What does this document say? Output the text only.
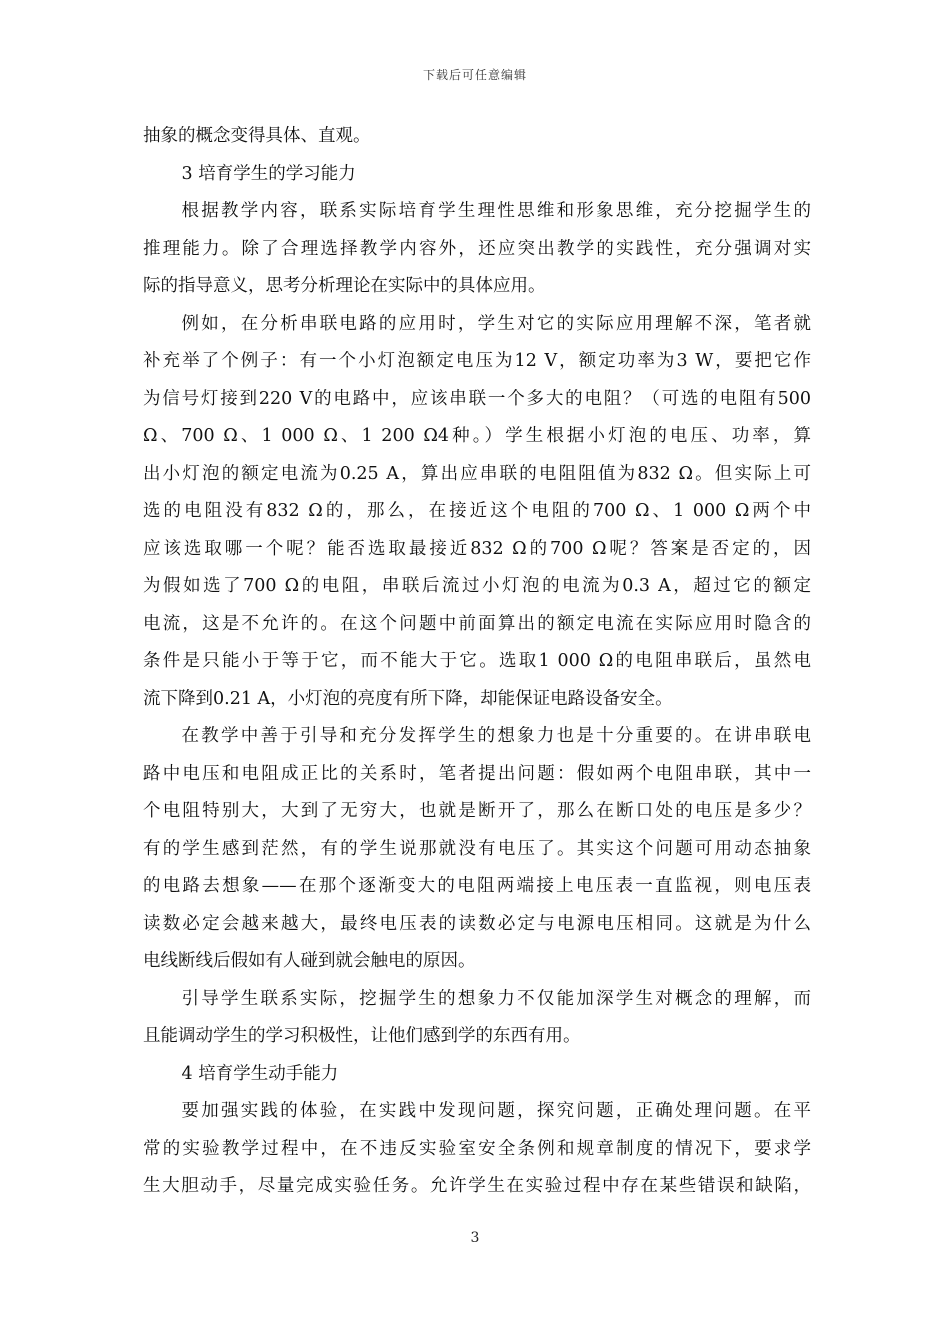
下载后可任意编辑
抽象的概念变得具体、直观。
3 培育学生的学习能力
根据教学内容，联系实际培育学生理性思维和形象思维，充分挖掘学生的
推理能力。除了合理选择教学内容外，还应突出教学的实践性，充分强调对实
际的指导意义，思考分析理论在实际中的具体应用。
例如，在分析串联电路的应用时，学生对它的实际应用理解不深，笔者就
补充举了个例子：有一个小灯泡额定电压为12 V，额定功率为3 W，要把它作
为信号灯接到220 V的电路中，应该串联一个多大的电阻？（可选的电阻有500
Ω、700 Ω、1 000 Ω、1 200 Ω4种。）学生根据小灯泡的电压、功率，算
出小灯泡的额定电流为0.25 A，算出应串联的电阻阻值为832 Ω。但实际上可
选的电阻没有832 Ω的，那么，在接近这个电阻的700 Ω、1 000 Ω两个中
应该选取哪一个呢？能否选取最接近832 Ω的700 Ω呢？答案是否定的，因
为假如选了700 Ω的电阻，串联后流过小灯泡的电流为0.3 A，超过它的额定
电流，这是不允许的。在这个问题中前面算出的额定电流在实际应用时隐含的
条件是只能小于等于它，而不能大于它。选取1 000 Ω的电阻串联后，虽然电
流下降到0.21 A，小灯泡的亮度有所下降，却能保证电路设备安全。
在教学中善于引导和充分发挥学生的想象力也是十分重要的。在讲串联电
路中电压和电阻成正比的关系时，笔者提出问题：假如两个电阻串联，其中一
个电阻特别大，大到了无穷大，也就是断开了，那么在断口处的电压是多少？
有的学生感到茫然，有的学生说那就没有电压了。其实这个问题可用动态抽象
的电路去想象——在那个逐渐变大的电阻两端接上电压表一直监视，则电压表
读数必定会越来越大，最终电压表的读数必定与电源电压相同。这就是为什么
电线断线后假如有人碰到就会触电的原因。
引导学生联系实际，挖掘学生的想象力不仅能加深学生对概念的理解，而
且能调动学生的学习积极性，让他们感到学的东西有用。
4 培育学生动手能力
要加强实践的体验，在实践中发现问题，探究问题，正确处理问题。在平
常的实验教学过程中，在不违反实验室安全条例和规章制度的情况下，要求学
生大胆动手，尽量完成实验任务。允许学生在实验过程中存在某些错误和缺陷，
3
